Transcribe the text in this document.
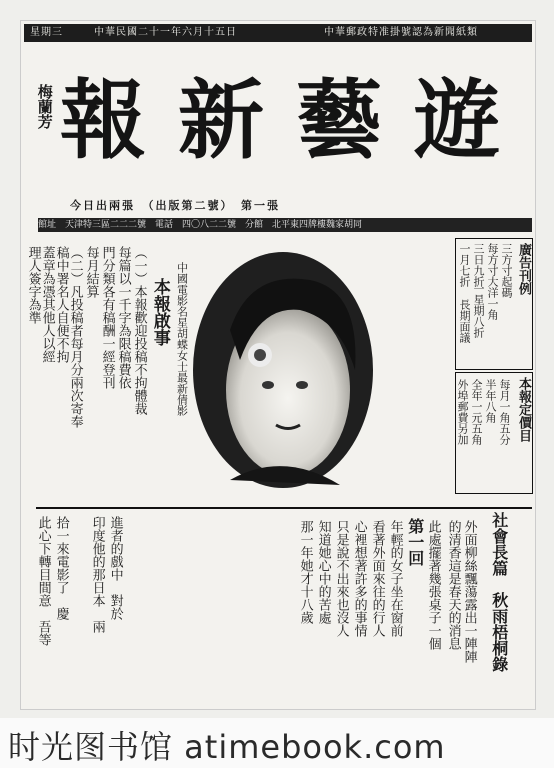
星期三	中華民國二十一年六月十五日	中華郵政特准掛號認為新聞紙類
報 新 藝 遊
梅蘭芳
今日出兩張　（出版第二號）　第一張
館址　天津特三區二二二號　電話　四〇八二二號　分館　北平東四牌樓魏家胡同
廣告刊例
三方寸起碼
每方寸大洋一角
三日九折
一星期八折
一月七折
長期面議
本報定價目
每月一角五分
半年八角
全年一元五角
外埠郵費另加
本報啟事
（一）本報歡迎投稿不拘體裁
每篇以一千字為限稿費依
門分類各有稿酬一經登刊
每月結算
（二）凡投稿者每月分兩次寄奉
稿中署名人自便不拘
蓋章為憑其他人以經
理人簽字為準	中國電影名星胡蝶女士最新倩影
社會長篇　秋雨梧桐錄
第一回	外面柳絲飄蕩露出一陣陣
的清香這是春天的消息
此處擺著幾張桌子一個
年輕的女子坐在窗前
看著外面來往的行人
心裡想著許多的事情
只是說不出來也沒人
知道她心中的苦處
那一年她才十八歲
此心下轉目間意　吾等 拾一來電影了　慶 印度他的那日本　兩 進者的戲中　對於
时光图书馆 atimebook.com
